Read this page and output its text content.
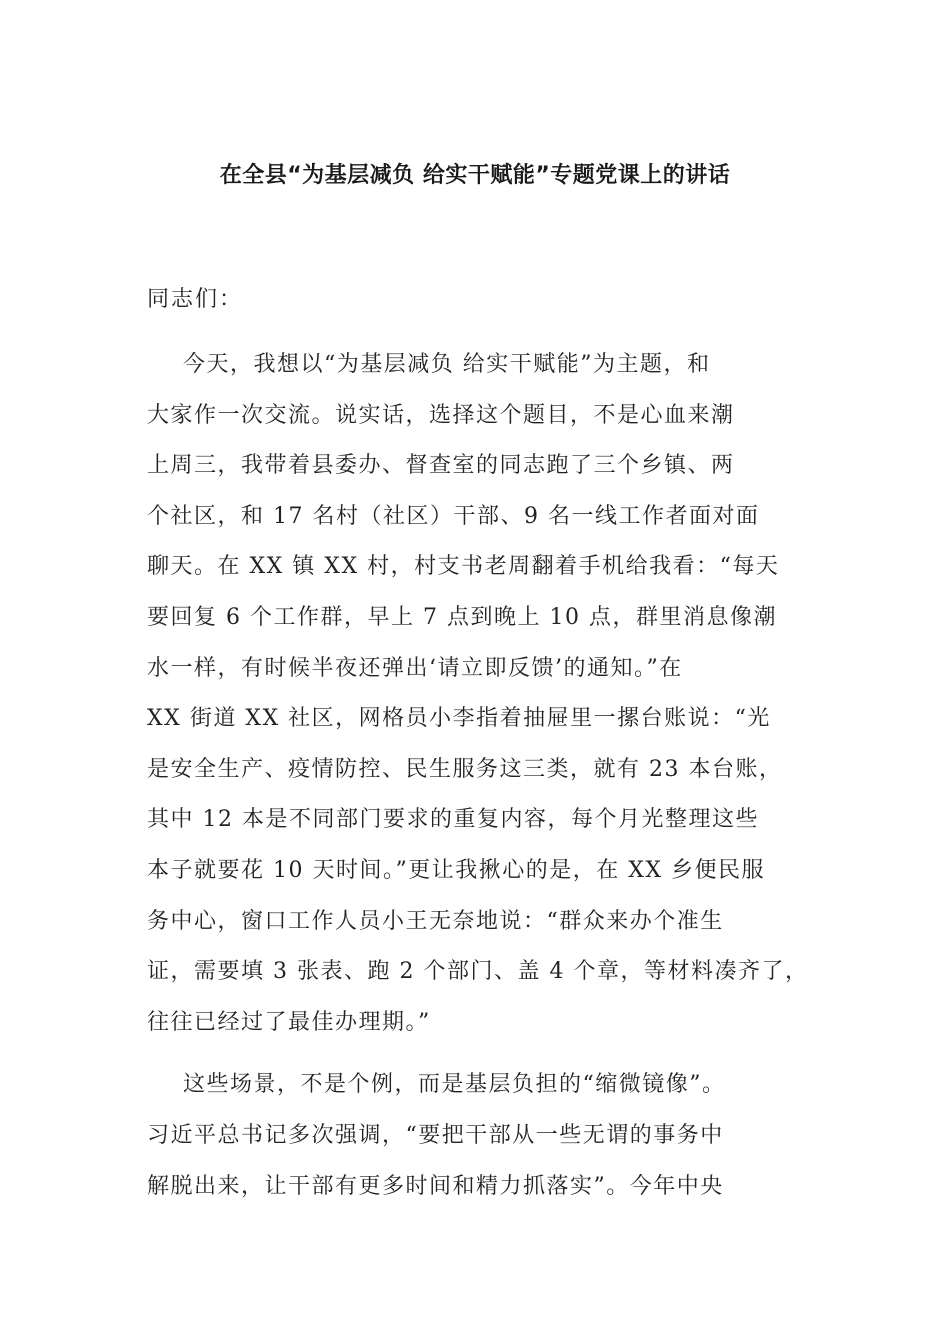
在全县“为基层减负 给实干赋能”专题党课上的讲话
同志们：
今天，我想以“为基层减负 给实干赋能”为主题，和
大家作一次交流。说实话，选择这个题目，不是心血来潮
上周三，我带着县委办、督查室的同志跑了三个乡镇、两
个社区，和 17 名村（社区）干部、9 名一线工作者面对面
聊天。在 XX 镇 XX 村，村支书老周翻着手机给我看：“每天
要回复 6 个工作群，早上 7 点到晚上 10 点，群里消息像潮
水一样，有时候半夜还弹出‘请立即反馈’的通知。”在
XX 街道 XX 社区，网格员小李指着抽屉里一摞台账说：“光
是安全生产、疫情防控、民生服务这三类，就有 23 本台账，
其中 12 本是不同部门要求的重复内容，每个月光整理这些
本子就要花 10 天时间。”更让我揪心的是，在 XX 乡便民服
务中心，窗口工作人员小王无奈地说：“群众来办个准生
证，需要填 3 张表、跑 2 个部门、盖 4 个章，等材料凑齐了，
往往已经过了最佳办理期。”
这些场景，不是个例，而是基层负担的“缩微镜像”。
习近平总书记多次强调，“要把干部从一些无谓的事务中
解脱出来，让干部有更多时间和精力抓落实”。今年中央
